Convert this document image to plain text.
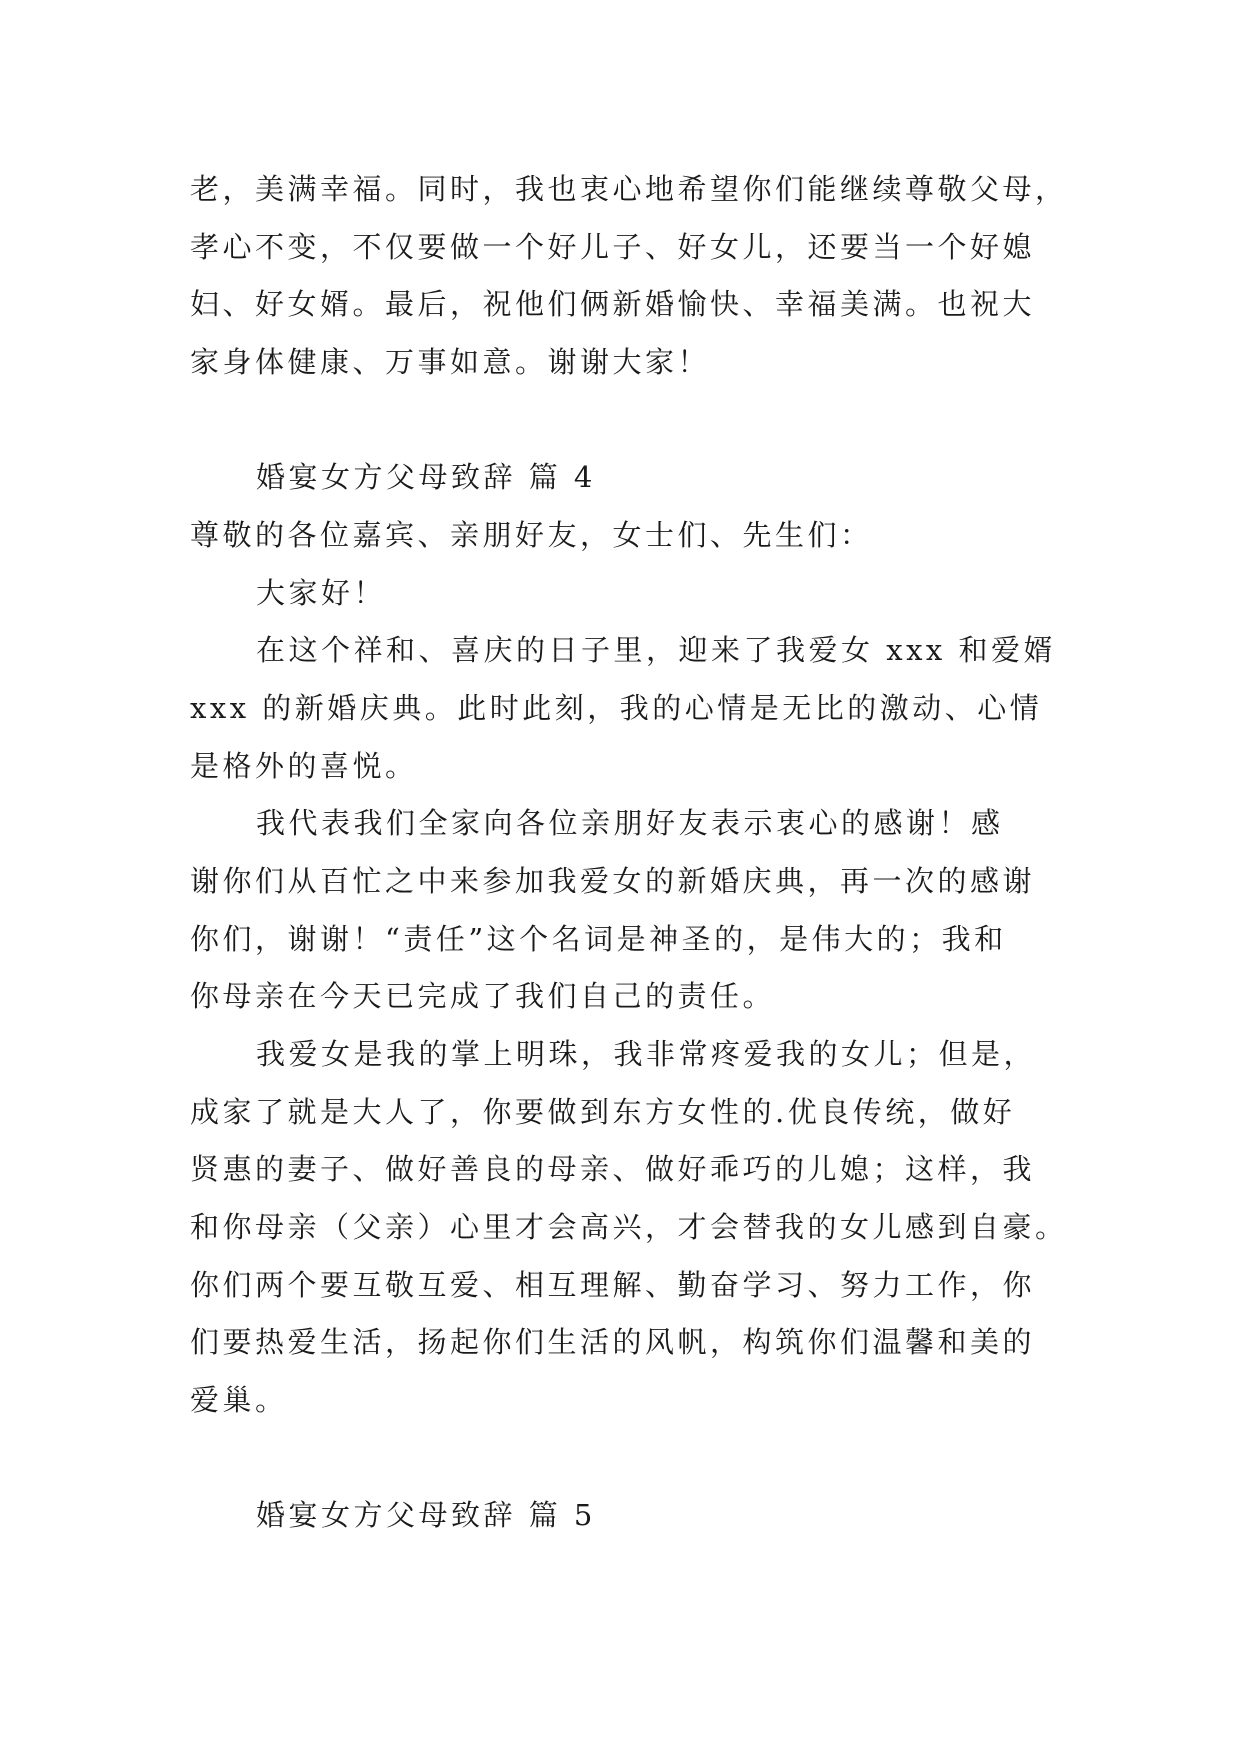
老，美满幸福。同时，我也衷心地希望你们能继续尊敬父母，
孝心不变，不仅要做一个好儿子、好女儿，还要当一个好媳
妇、好女婿。最后，祝他们俩新婚愉快、幸福美满。也祝大
家身体健康、万事如意。谢谢大家！
婚宴女方父母致辞 篇 4
尊敬的各位嘉宾、亲朋好友，女士们、先生们：
大家好！
在这个祥和、喜庆的日子里，迎来了我爱女 xxx 和爱婿
xxx 的新婚庆典。此时此刻，我的心情是无比的激动、心情
是格外的喜悦。
我代表我们全家向各位亲朋好友表示衷心的感谢！感
谢你们从百忙之中来参加我爱女的新婚庆典，再一次的感谢
你们，谢谢！“责任”这个名词是神圣的，是伟大的；我和
你母亲在今天已完成了我们自己的责任。
我爱女是我的掌上明珠，我非常疼爱我的女儿；但是，
成家了就是大人了，你要做到东方女性的.优良传统，做好
贤惠的妻子、做好善良的母亲、做好乖巧的儿媳；这样，我
和你母亲（父亲）心里才会高兴，才会替我的女儿感到自豪。
你们两个要互敬互爱、相互理解、勤奋学习、努力工作，你
们要热爱生活，扬起你们生活的风帆，构筑你们温馨和美的
爱巢。
婚宴女方父母致辞 篇 5
